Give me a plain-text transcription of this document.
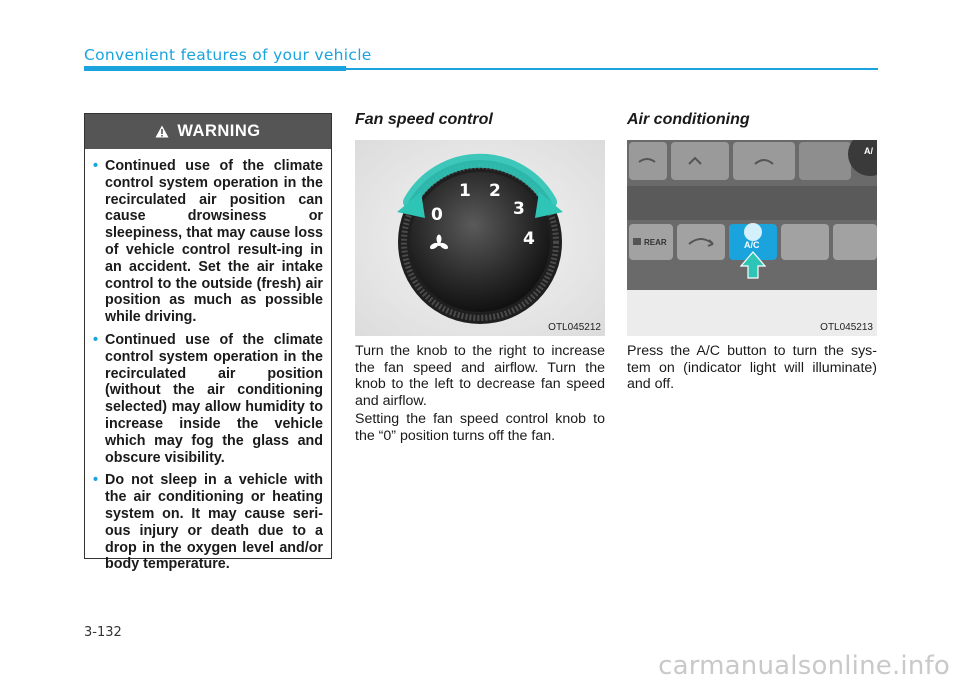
Convenient features of your vehicle
WARNING
• Continued use of the climate control system operation in the recirculated air position can cause drowsiness or sleepiness, that may cause loss of vehicle control result-ing in an accident. Set the air intake control to the outside (fresh) air position as much as possible while driving.
• Continued use of the climate control system operation in the recirculated air position (without the air conditioning selected) may allow humidity to increase inside the vehicle which may fog the glass and obscure visibility.
• Do not sleep in a vehicle with the air conditioning or heating system on. It may cause seri-ous injury or death due to a drop in the oxygen level and/or body temperature.
Fan speed control
0
1 2
3
4
OTL045212

Turn the knob to the right to increase the fan speed and airflow. Turn the knob to the left to decrease fan speed and airflow.

Setting the fan speed control knob to the “0” position turns off the fan.

Air conditioning
A/
REAR	A/C
OTL045213

Press the A/C button to turn the sys-tem on (indicator light will illuminate) and off.

3-132
carmanualsonline.info
